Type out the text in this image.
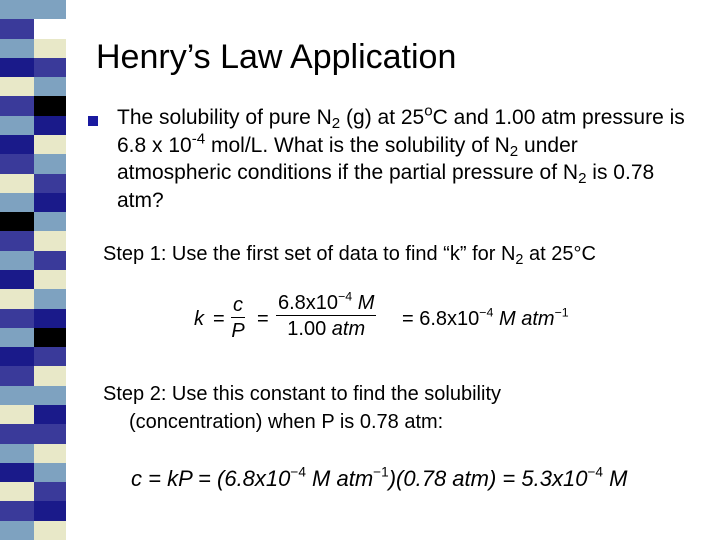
Henry’s Law Application
The solubility of pure $N_2$ (g) at 25$^o$C and 1.00 atm pressure is 6.8 x $10^{-4}$ mol/L. What is the solubility of $N_2$ under atmospheric conditions if the partial pressure of $N_2$ is 0.78 atm?
Step 1: Use the first set of data to find “k” for $N_2$ at 25°C
$k = \frac{c}{P}$ =
$6.8x10^{-4}$ M
1.00 atm	= $6.8x10^{-4}$ M atm$^{-1}$
Step 2: Use this constant to find the solubility
(concentration) when P is 0.78 atm:
c = kP = ($6.8x10^{-4}$ M atm$^{-1}$)(0.78 $atm) = 5.3x10^{-4}$ M
